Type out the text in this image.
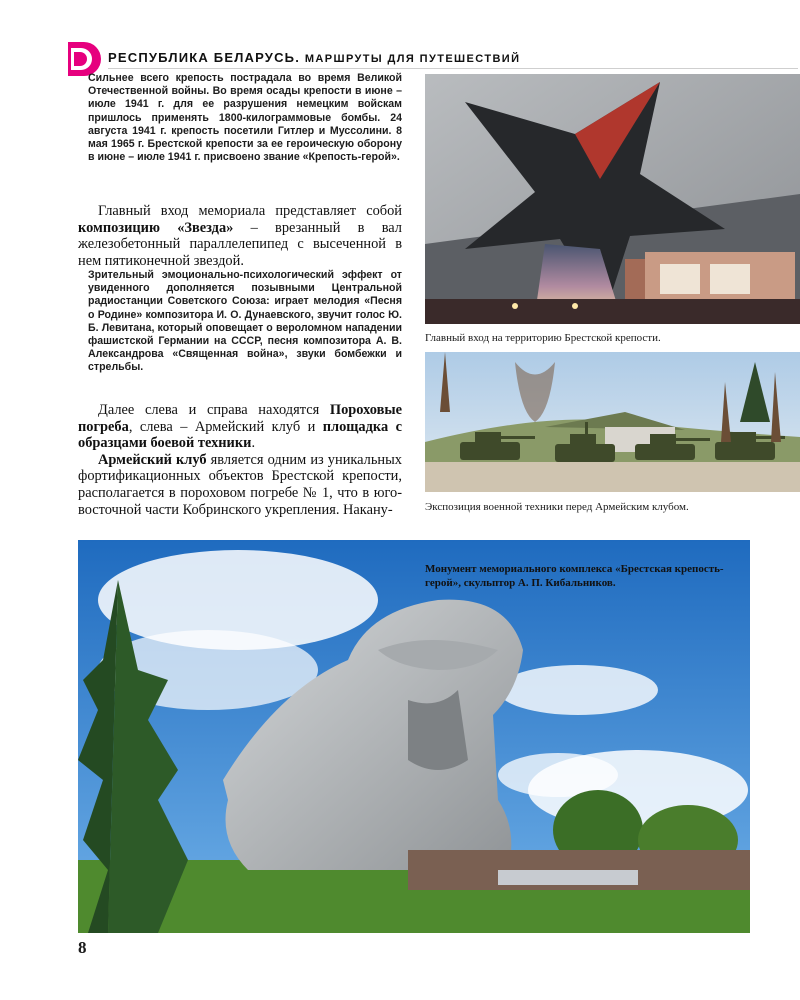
РЕСПУБЛИКА БЕЛАРУСЬ. МАРШРУТЫ ДЛЯ ПУТЕШЕСТВИЙ
Сильнее всего крепость пострадала во время Великой Отечественной войны. Во время осады крепости в июне – июле 1941 г. для ее разрушения немецким войскам пришлось применять 1800-килограммовые бомбы. 24 августа 1941 г. крепость посетили Гитлер и Муссолини. 8 мая 1965 г. Брестской крепости за ее героическую оборону в июне – июле 1941 г. присвоено звание «Крепость-герой».

Главный вход мемориала представляет собой композицию «Звезда» – врезанный в вал железобетонный параллелепипед с высеченной в нем пятиконечной звездой.

Зрительный эмоционально-психологический эффект от увиденного дополняется позывными Центральной радиостанции Советского Союза: играет мелодия «Песня о Родине» композитора И. О. Дунаевского, звучит голос Ю. Б. Левитана, который оповещает о вероломном нападении фашистской Германии на СССР, песня композитора А. В. Александрова «Священная война», звуки бомбежки и стрельбы.

Далее слева и справа находятся Пороховые погреба, слева – Армейский клуб и площадка с образцами боевой техники.

Армейский клуб является одним из уникальных фортификационных объектов Брестской крепости, располагается в пороховом погребе № 1, что в юго-восточной части Кобринского укрепления. Накану-

Главный вход на территорию Брестской крепости.
Экспозиция военной техники перед Армейским клубом.
Монумент мемориального комплекса «Брестская крепость-герой», скульптор А. П. Кибальников.
8
